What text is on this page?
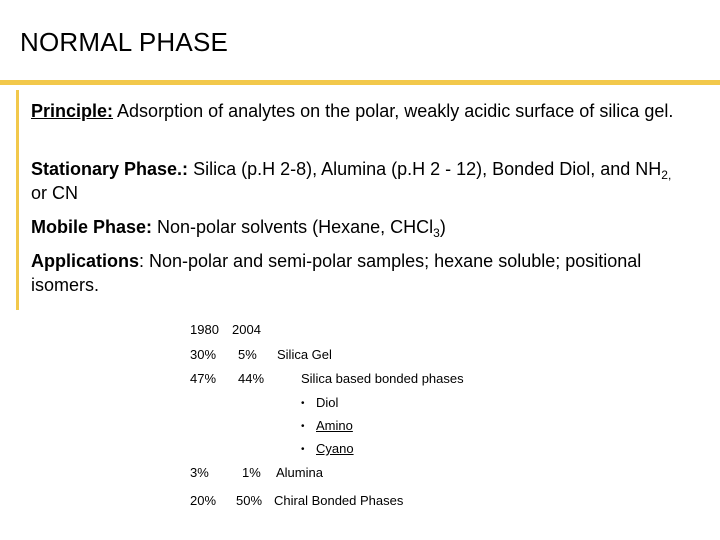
NORMAL PHASE
Principle: Adsorption of analytes on the polar, weakly acidic surface of silica gel.
Stationary Phase.: Silica (p.H 2-8), Alumina (p.H 2 - 12), Bonded Diol, and $NH_{2,}$ or CN
Mobile Phase: Non-polar solvents (Hexane, CHCl$_3$)
Applications: Non-polar and semi-polar samples; hexane soluble; positional isomers.
1980 2004
30% 5% Silica Gel
47% 44%	Silica based bonded phases
• Diol
• Amino
• Cyano
3%	1% Alumina
20% 50% Chiral Bonded Phases
